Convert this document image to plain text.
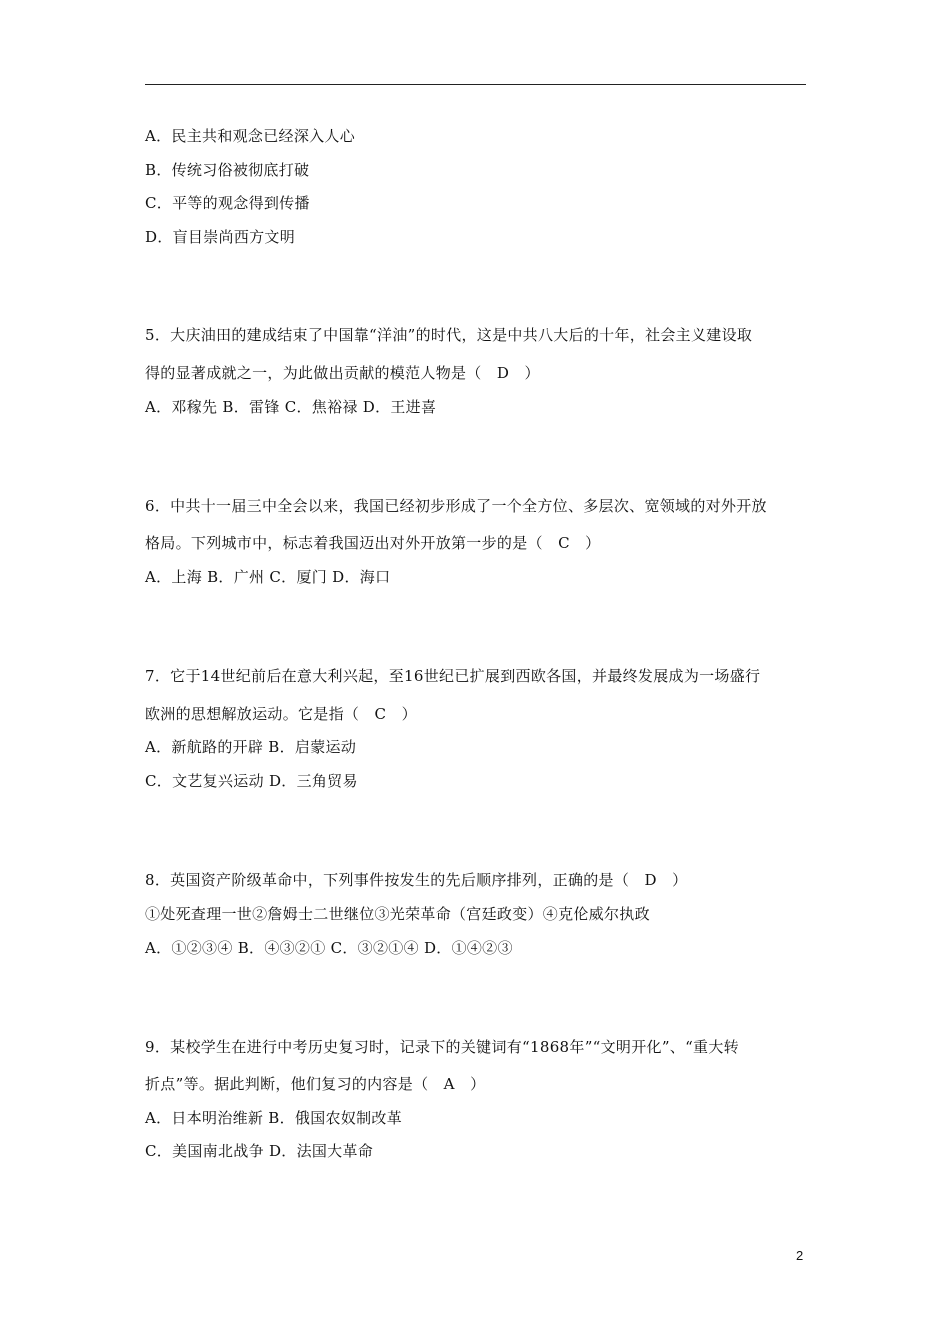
A．民主共和观念已经深入人心
B．传统习俗被彻底打破
C．平等的观念得到传播
D．盲目崇尚西方文明
5．大庆油田的建成结束了中国靠“洋油”的时代，这是中共八大后的十年，社会主义建设取
得的显著成就之一，为此做出贡献的模范人物是（　D　）
A．邓稼先 B．雷锋 C．焦裕禄 D．王进喜
6．中共十一届三中全会以来，我国已经初步形成了一个全方位、多层次、宽领域的对外开放
格局。下列城市中，标志着我国迈出对外开放第一步的是（　C　）
A．上海 B．广州 C．厦门 D．海口
7．它于14世纪前后在意大利兴起，至16世纪已扩展到西欧各国，并最终发展成为一场盛行
欧洲的思想解放运动。它是指（　C　）
A．新航路的开辟 B．启蒙运动
C．文艺复兴运动 D．三角贸易
8．英国资产阶级革命中，下列事件按发生的先后顺序排列，正确的是（　D　）
①处死查理一世②詹姆士二世继位③光荣革命（宫廷政变）④克伦威尔执政
A．①②③④ B．④③②① C．③②①④ D．①④②③
9．某校学生在进行中考历史复习时，记录下的关键词有“1868年”“文明开化”、“重大转
折点”等。据此判断，他们复习的内容是（　A　）
A．日本明治维新 B．俄国农奴制改革
C．美国南北战争 D．法国大革命
2
